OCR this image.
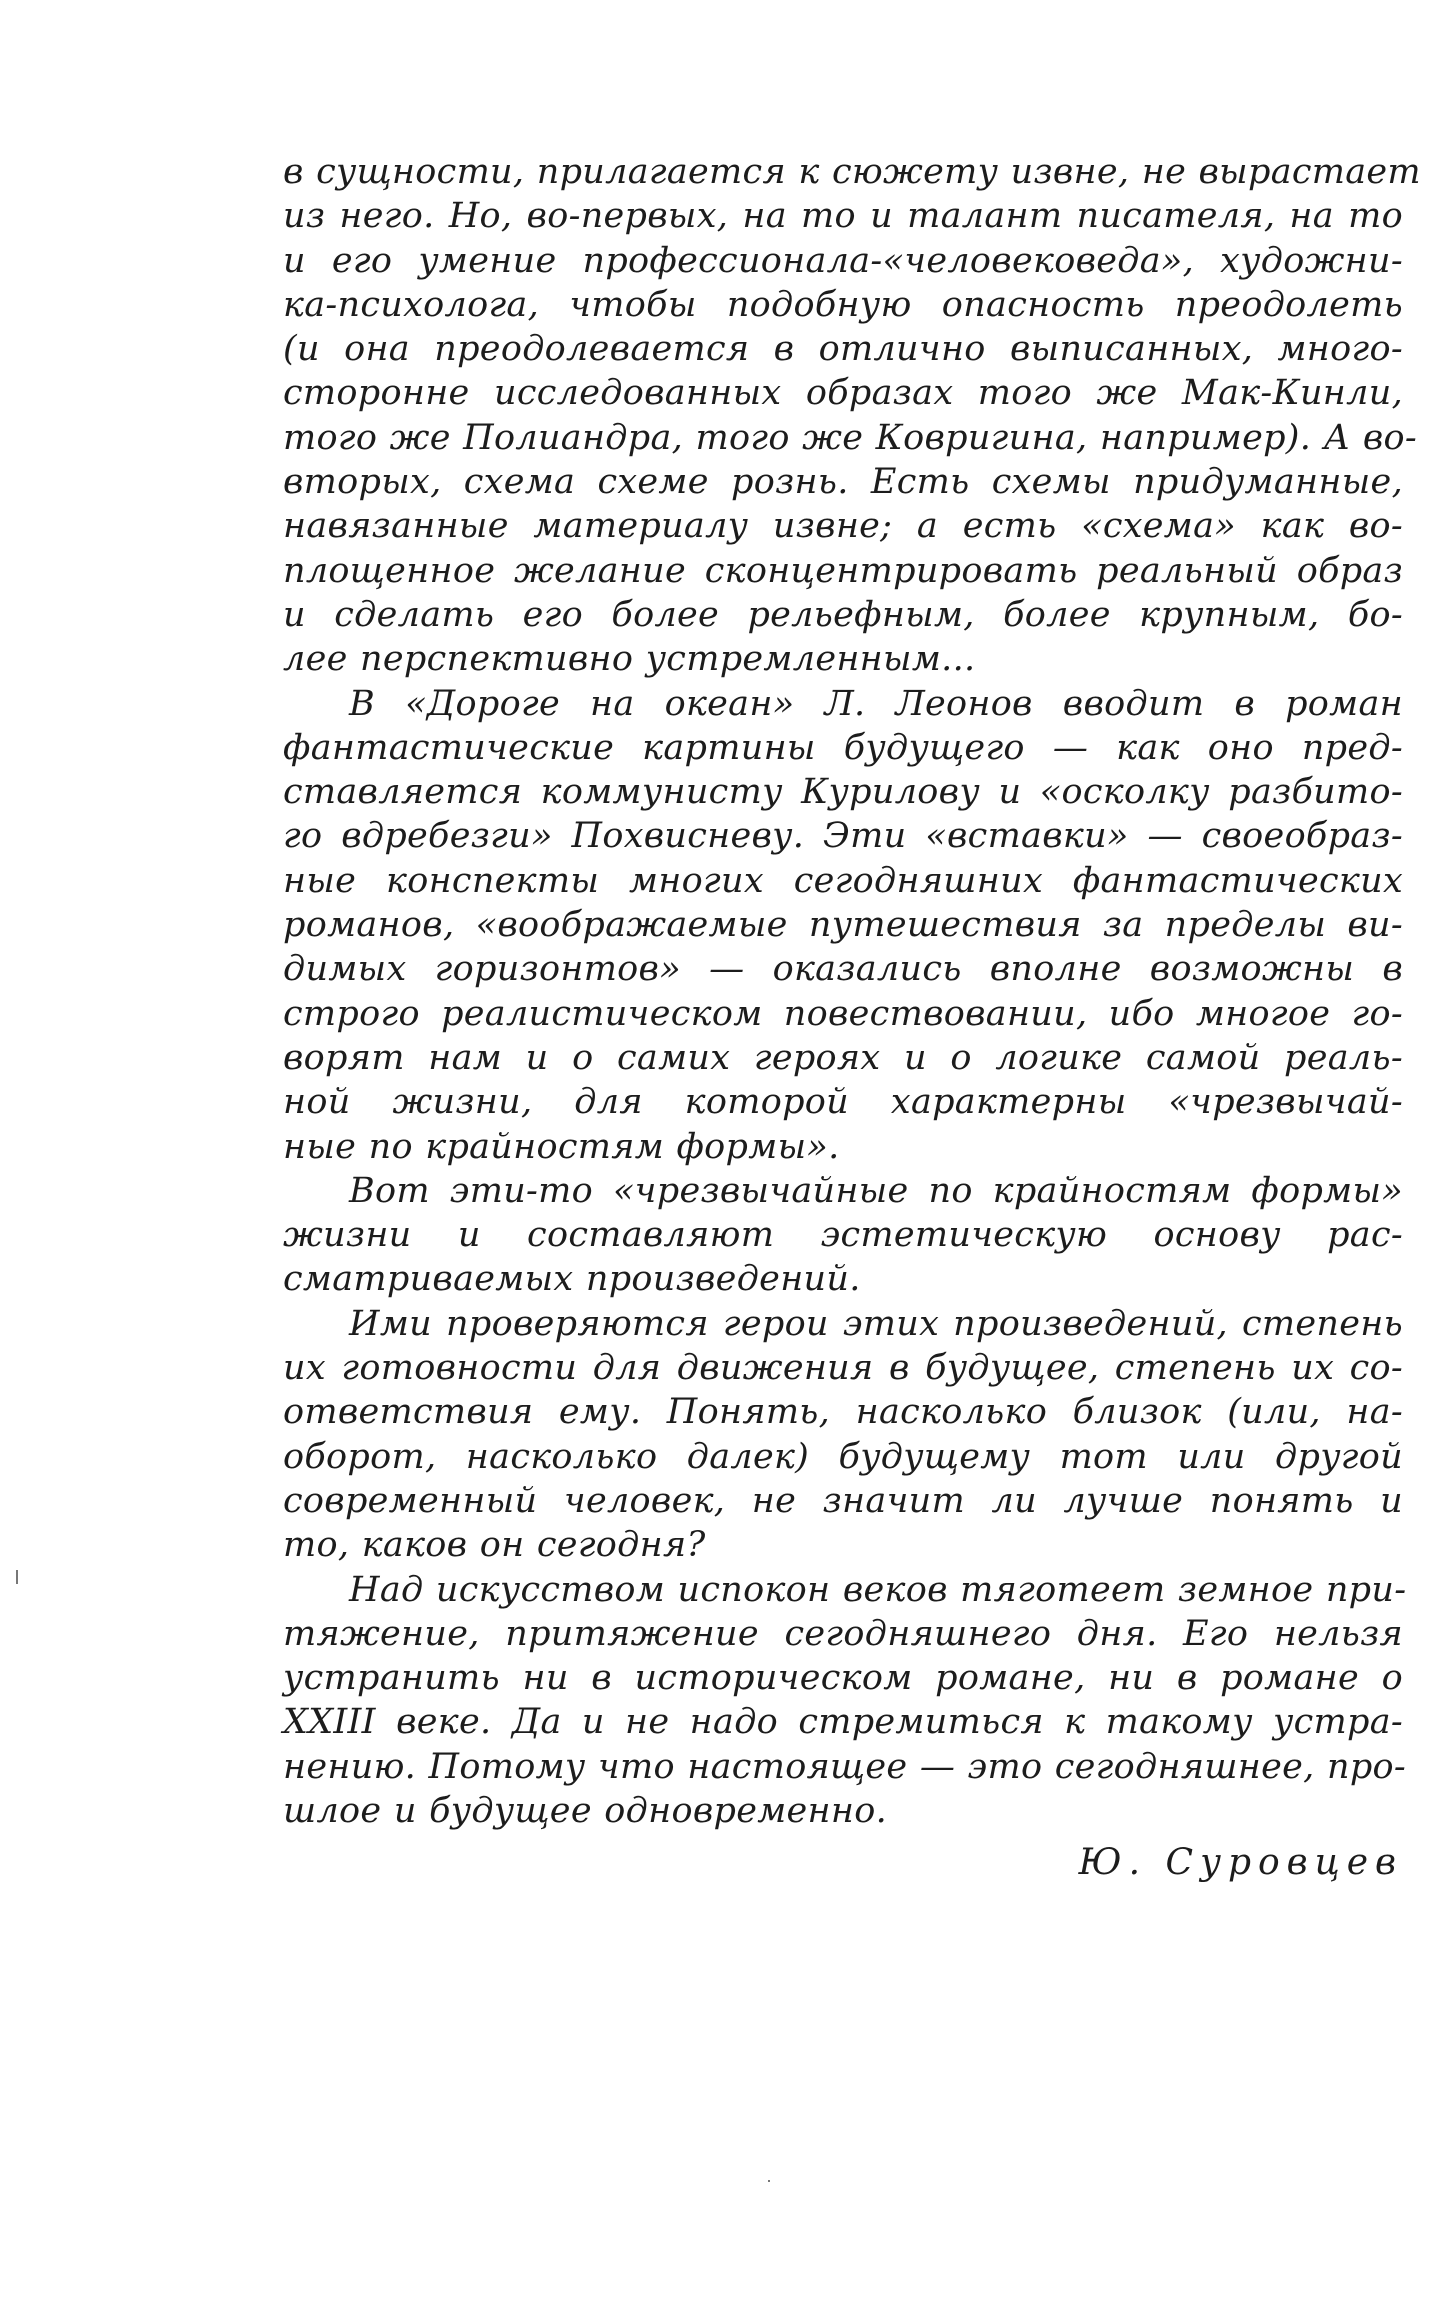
в сущности, прилагается к сюжету извне, не вырастает
из него. Но, во-первых, на то и талант писателя, на то
и его умение профессионала-«человековеда», художни-
ка-психолога, чтобы подобную опасность преодолеть
(и она преодолевается в отлично выписанных, много-
сторонне исследованных образах того же Мак-Кинли,
того же Полиандра, того же Ковригина, например). А во-
вторых, схема схеме рознь. Есть схемы придуманные,
навязанные материалу извне; а есть «схема» как во-
площенное желание сконцентрировать реальный образ
и сделать его более рельефным, более крупным, бо-
лее перспективно устремленным...
В «Дороге на океан» Л. Леонов вводит в роман
фантастические картины будущего — как оно пред-
ставляется коммунисту Курилову и «осколку разбито-
го вдребезги» Похвисневу. Эти «вставки» — своеобраз-
ные конспекты многих сегодняшних фантастических
романов, «воображаемые путешествия за пределы ви-
димых горизонтов» — оказались вполне возможны в
строго реалистическом повествовании, ибо многое го-
ворят нам и о самих героях и о логике самой реаль-
ной жизни, для которой характерны «чрезвычай-
ные по крайностям формы».
Вот эти-то «чрезвычайные по крайностям формы»
жизни и составляют эстетическую основу рас-
сматриваемых произведений.
Ими проверяются герои этих произведений, степень
их готовности для движения в будущее, степень их со-
ответствия ему. Понять, насколько близок (или, на-
оборот, насколько далек) будущему тот или другой
современный человек, не значит ли лучше понять и
то, каков он сегодня?
Над искусством испокон веков тяготеет земное при-
тяжение, притяжение сегодняшнего дня. Его нельзя
устранить ни в историческом романе, ни в романе о
XXIII веке. Да и не надо стремиться к такому устра-
нению. Потому что настоящее — это сегодняшнее, про-
шлое и будущее одновременно.
Ю. Суровцев
